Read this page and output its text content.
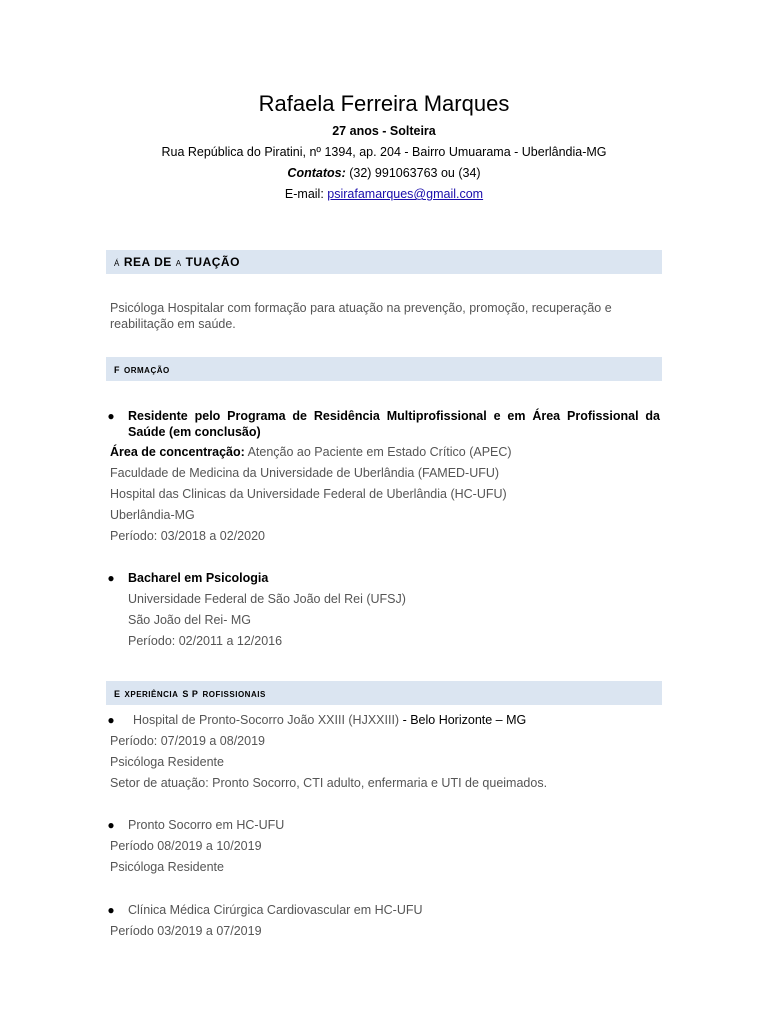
Rafaela Ferreira Marques
27 anos - Solteira
Rua República do Piratini, nº 1394, ap. 204 - Bairro Umuarama - Uberlândia-MG
Contatos: (32) 991063763 ou (34)
E-mail: psirafamarques@gmail.com
Á REA DEA TUAÇÃO
Psicóloga Hospitalar com formação para atuação na prevenção, promoção, recuperação e reabilitação em saúde.
F ORMAÇÃO
● Residente pelo Programa de Residência Multiprofissional e em Área Profissional da Saúde (em conclusão)
Área de concentração: Atenção ao Paciente em Estado Crítico (APEC)
Faculdade de Medicina da Universidade de Uberlândia (FAMED-UFU)
Hospital das Clinicas da Universidade Federal de Uberlândia (HC-UFU)
Uberlândia-MG
Período: 03/2018 a 02/2020
● Bacharel em Psicologia
Universidade Federal de São João del Rei (UFSJ)
São João del Rei- MG
Período: 02/2011 a 12/2016
E XPERIÊNCIA S P ROFISSIONAIS
● Hospital de Pronto-Socorro João XXIII (HJXXIII) - Belo Horizonte – MG
Período: 07/2019 a 08/2019
Psicóloga Residente
Setor de atuação: Pronto Socorro, CTI adulto, enfermaria e UTI de queimados.
● Pronto Socorro em HC-UFU
Período 08/2019 a 10/2019
Psicóloga Residente
● Clínica Médica Cirúrgica Cardiovascular em HC-UFU
Período 03/2019 a 07/2019
